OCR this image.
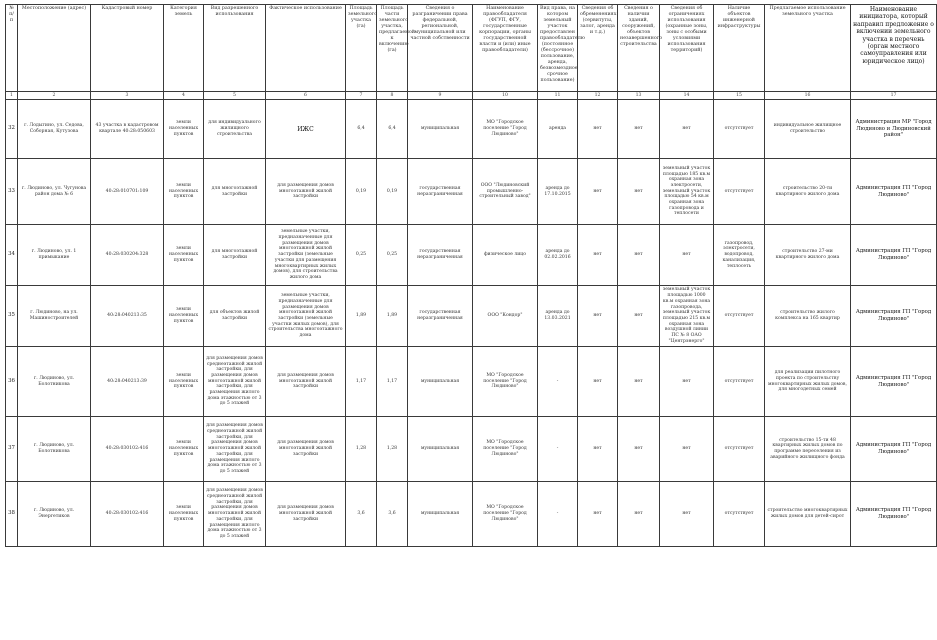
№ п/п	Местоположение (адрес)	Кадастровый номер	Категория земель	Вид разрешенного использования	Фактическое использование	Площадь земельного участка (га)	Площадь части земельного участка, предлагаемой к включению (га)	Сведения о разграничении права федеральной, региональной, муниципальной или частной собственности	Наименование правообладателя (ФГУП, ФГУ, государственные корпорации, органы государственной власти и (или) иные правообладатели)	Вид права, на котором земельный участок предоставлен правообладателю (постоянное (бессрочное) пользование, аренда, безвозмездное срочное пользование)	Сведения об обременениях (сервитуты, залог, аренда и т.д.)	Сведения о наличии зданий, сооружений, объектов незавершенного строительства	Сведения об ограничениях использования (охранные зоны, зоны с особыми условиями использования территорий)	Наличие объектов инженерной инфраструктуры	Предлагаемое использование земельного участка	Наименование инициатора, который направил предложение о включении земельного участка в перечень (орган местного самоуправления или юридическое лицо)
1	2	3	4	5	6	7	8	9	10	11	12	13	14	15	16	17
32	г. Лодыгино, ул. Седова, Соборная, Кутузова	43 участка в кадастровом квартале 40:28:050603	земли населенных пунктов	для индивидуального жилищного строительства	ИЖС	6,4	6,4	муниципальная	МО "Городское поселение "Город Людиново"	аренда	нет	нет	нет	отсутствует	индивидуальное жилищное строительство	Администрация МР "Город Людиново и Людиновский район"
33	г. Людиново, ул. Чугунова район дома № 6	40:28:010701:109	земли населенных пунктов	для многоэтажной застройки	для размещения домов многоэтажной жилой застройки	0,19	0,19	государственная неразграниченная	ООО "Людиновский промышленно-строительный завод"	аренда до 17.10.2015	нет	нет	земельный участок площадью 185 кв.м охранная зона электросети, земельный участок площадью 54 кв.м охранная зона газопровода и теплосети	отсутствует	строительство 20-ти квартирного жилого дома	Администрация ГП "Город Людиново"
34	г. Людиново, ул. 1 примыкание	40:28:030204:328	земли населенных пунктов	для многоэтажной застройки	земельные участки, предназначенные для размещения домов многоэтажной жилой застройки (земельные участки для размещения многоквартирных жилых домов), для строительства жилого дома	0,25	0,25	государственная неразграниченная	физическое лицо	аренда до 02.02.2016	нет	нет	нет	газопровод, электросети, водопровод, канализация, теплосеть	строительство 27-ми квартирного жилого дома	Администрация ГП "Город Людиново"
35	г. Людиново, на ул. Машиностроителей	40:28:040213:35	земли населенных пунктов	для объектов жилой застройки	земельные участки, предназначенные для размещения домов многоэтажной жилой застройки (земельные участки жилых домов), для строительства многоэтажного дома	1,89	1,89	государственная неразграниченная	ООО "Кондор"	аренда до 13.03.2021	нет	нет	земельный участок площадью 1000 кв.м охранная зона газопровода, земельный участок площадью 215 кв.м охранная зона воздушной линии ПС № 8 ОАО "Центрэнерго"	отсутствует	строительство жилого комплекса на 165 квартир	Администрация ГП "Город Людиново"
36	г. Людиново, ул. Болотникова	40:28:040213:39	земли населенных пунктов	для размещения домов среднеэтажной жилой застройки, для размещения домов многоэтажной жилой застройки, для размещения жилого дома этажностью от 3 до 5 этажей	для размещения домов многоэтажной жилой застройки	1,17	1,17	муниципальная	МО "Городское поселение "Город Людиново"	-	нет	нет	нет	отсутствует	для реализации пилотного проекта по строительству многоквартирных жилых домов, для многодетных семей	Администрация ГП "Город Людиново"
37	г. Людиново, ул. Болотникова	40:28:030102:416	земли населенных пунктов	для размещения домов среднеэтажной жилой застройки, для размещения домов многоэтажной жилой застройки, для размещения жилого дома этажностью от 3 до 5 этажей	для размещения домов многоэтажной жилой застройки	1,28	1,28	муниципальная	МО "Городское поселение "Город Людиново"	-	нет	нет	нет	отсутствует	строительство 15-ти 48 квартирных жилых домов по программе переселения из аварийного жилищного фонда	Администрация ГП "Город Людиново"
38	г. Людиново, ул. Энергетиков	40:28:030102:416	земли населенных пунктов	для размещения домов среднеэтажной жилой застройки, для размещения домов многоэтажной жилой застройки, для размещения жилого дома этажностью от 3 до 5 этажей	для размещения домов многоэтажной жилой застройки	3,6	3,6	муниципальная	МО "Городское поселение "Город Людиново"	-	нет	нет	нет	отсутствует	строительство многоквартирных жилых домов для детей-сирот	Администрация ГП "Город Людиново"
